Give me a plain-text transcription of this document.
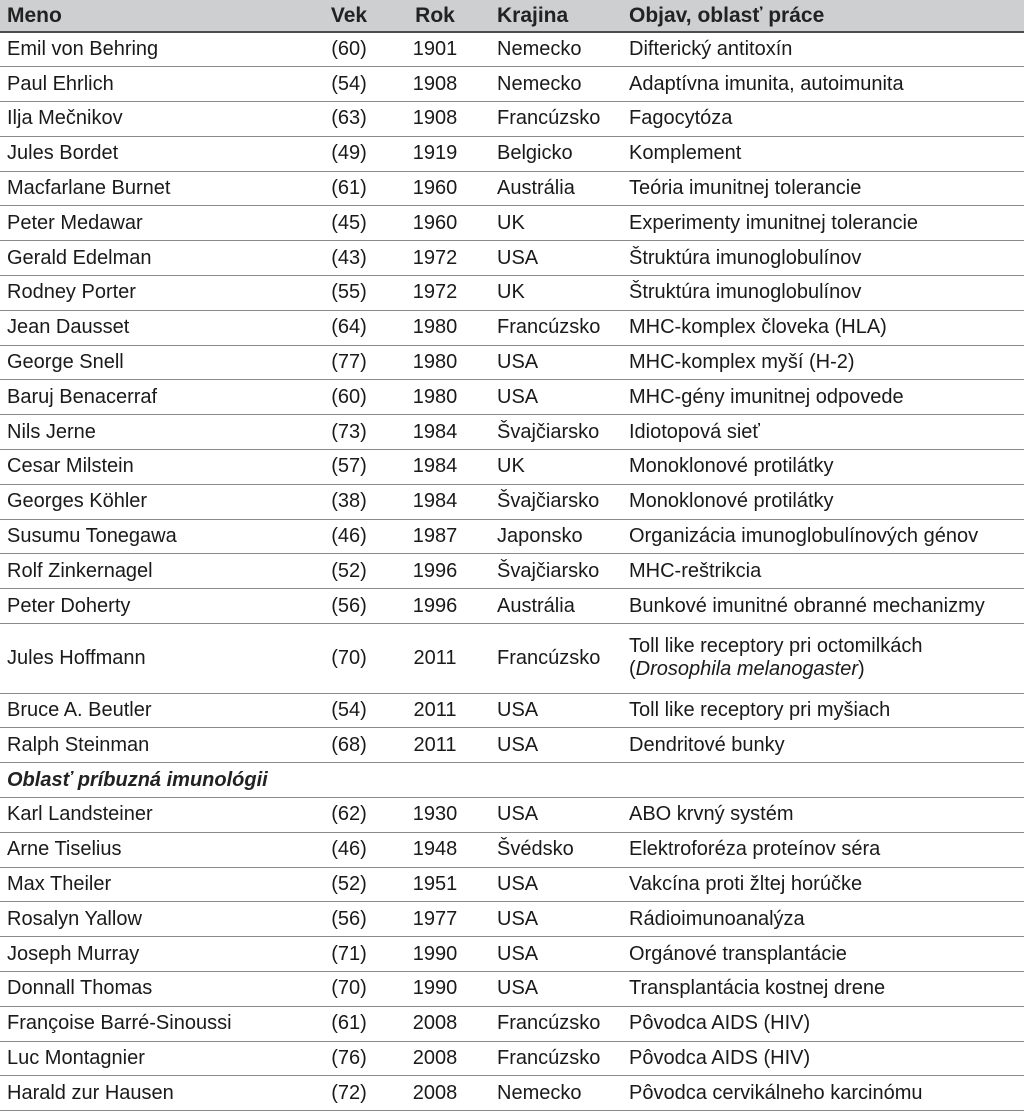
Meno	Vek	Rok	Krajina	Objav, oblasť práce
Emil von Behring	(60)	1901	Nemecko	Difterický antitoxín
Paul Ehrlich	(54)	1908	Nemecko	Adaptívna imunita, autoimunita
Ilja Mečnikov	(63)	1908	Francúzsko	Fagocytóza
Jules Bordet	(49)	1919	Belgicko	Komplement
Macfarlane Burnet	(61)	1960	Austrália	Teória imunitnej tolerancie
Peter Medawar	(45)	1960	UK	Experimenty imunitnej tolerancie
Gerald Edelman	(43)	1972	USA	Štruktúra imunoglobulínov
Rodney Porter	(55)	1972	UK	Štruktúra imunoglobulínov
Jean Dausset	(64)	1980	Francúzsko	MHC-komplex človeka (HLA)
George Snell	(77)	1980	USA	MHC-komplex myší (H-2)
Baruj Benacerraf	(60)	1980	USA	MHC-gény imunitnej odpovede
Nils Jerne	(73)	1984	Švajčiarsko	Idiotopová sieť
Cesar Milstein	(57)	1984	UK	Monoklonové protilátky
Georges Köhler	(38)	1984	Švajčiarsko	Monoklonové protilátky
Susumu Tonegawa	(46)	1987	Japonsko	Organizácia imunoglobulínových génov
Rolf Zinkernagel	(52)	1996	Švajčiarsko	MHC-reštrikcia
Peter Doherty	(56)	1996	Austrália	Bunkové imunitné obranné mechanizmy
Jules Hoffmann	(70)	2011	Francúzsko	Toll like receptory pri octomilkách
(Drosophila melanogaster)

Bruce A. Beutler	(54)	2011	USA	Toll like receptory pri myšiach
Ralph Steinman	(68)	2011	USA	Dendritové bunky
Oblasť príbuzná imunológii				
Karl Landsteiner	(62)	1930	USA	ABO krvný systém
Arne Tiselius	(46)	1948	Švédsko	Elektroforéza proteínov séra
Max Theiler	(52)	1951	USA	Vakcína proti žltej horúčke
Rosalyn Yallow	(56)	1977	USA	Rádioimunoanalýza
Joseph Murray	(71)	1990	USA	Orgánové transplantácie
Donnall Thomas	(70)	1990	USA	Transplantácia kostnej drene
Françoise Barré-Sinoussi	(61)	2008	Francúzsko	Pôvodca AIDS (HIV)
Luc Montagnier	(76)	2008	Francúzsko	Pôvodca AIDS (HIV)
Harald zur Hausen	(72)	2008	Nemecko	Pôvodca cervikálneho karcinómu
